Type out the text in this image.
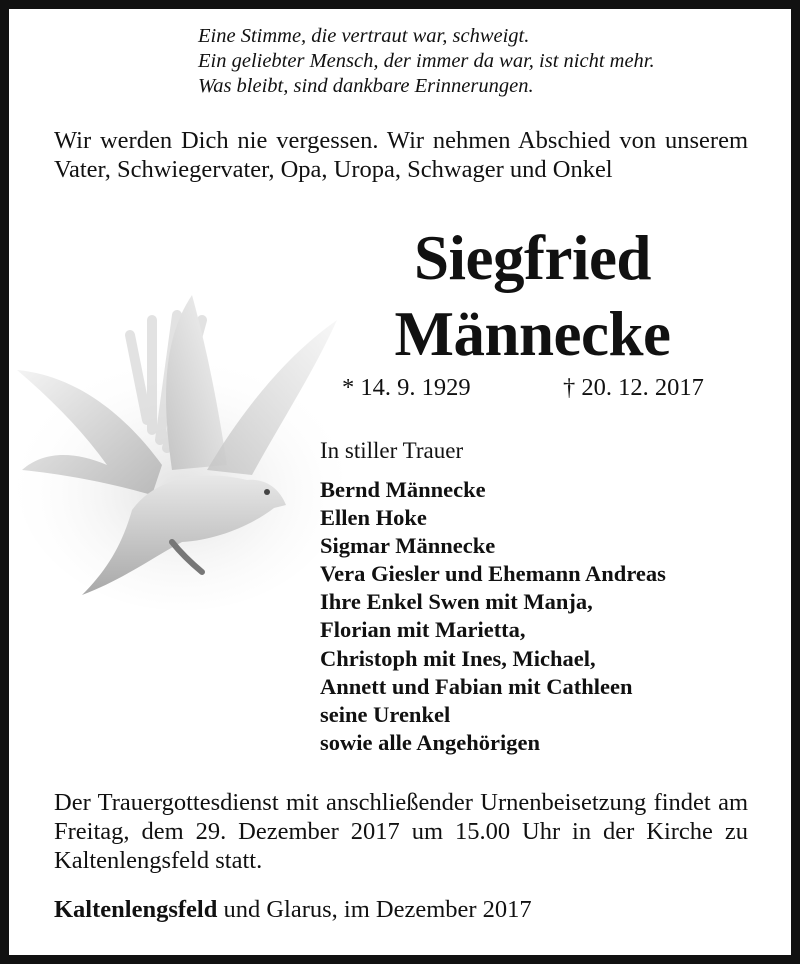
Eine Stimme, die vertraut war, schweigt.
Ein geliebter Mensch, der immer da war, ist nicht mehr.
Was bleibt, sind dankbare Erinnerungen.
Wir werden Dich nie vergessen. Wir nehmen Abschied von unserem Vater, Schwiegervater, Opa, Uropa, Schwager und Onkel
Siegfried
Männecke
* 14. 9. 1929	† 20. 12. 2017
In stiller Trauer
Bernd Männecke
Ellen Hoke
Sigmar Männecke
Vera Giesler und Ehemann Andreas
Ihre Enkel Swen mit Manja,
Florian mit Marietta,
Christoph mit Ines, Michael,
Annett und Fabian mit Cathleen
seine Urenkel
sowie alle Angehörigen
Der Trauergottesdienst mit anschließender Urnenbeisetzung findet am Freitag, dem 29. Dezember 2017 um 15.00 Uhr in der Kirche zu Kaltenlengsfeld statt.
Kaltenlengsfeld und Glarus, im Dezember 2017
